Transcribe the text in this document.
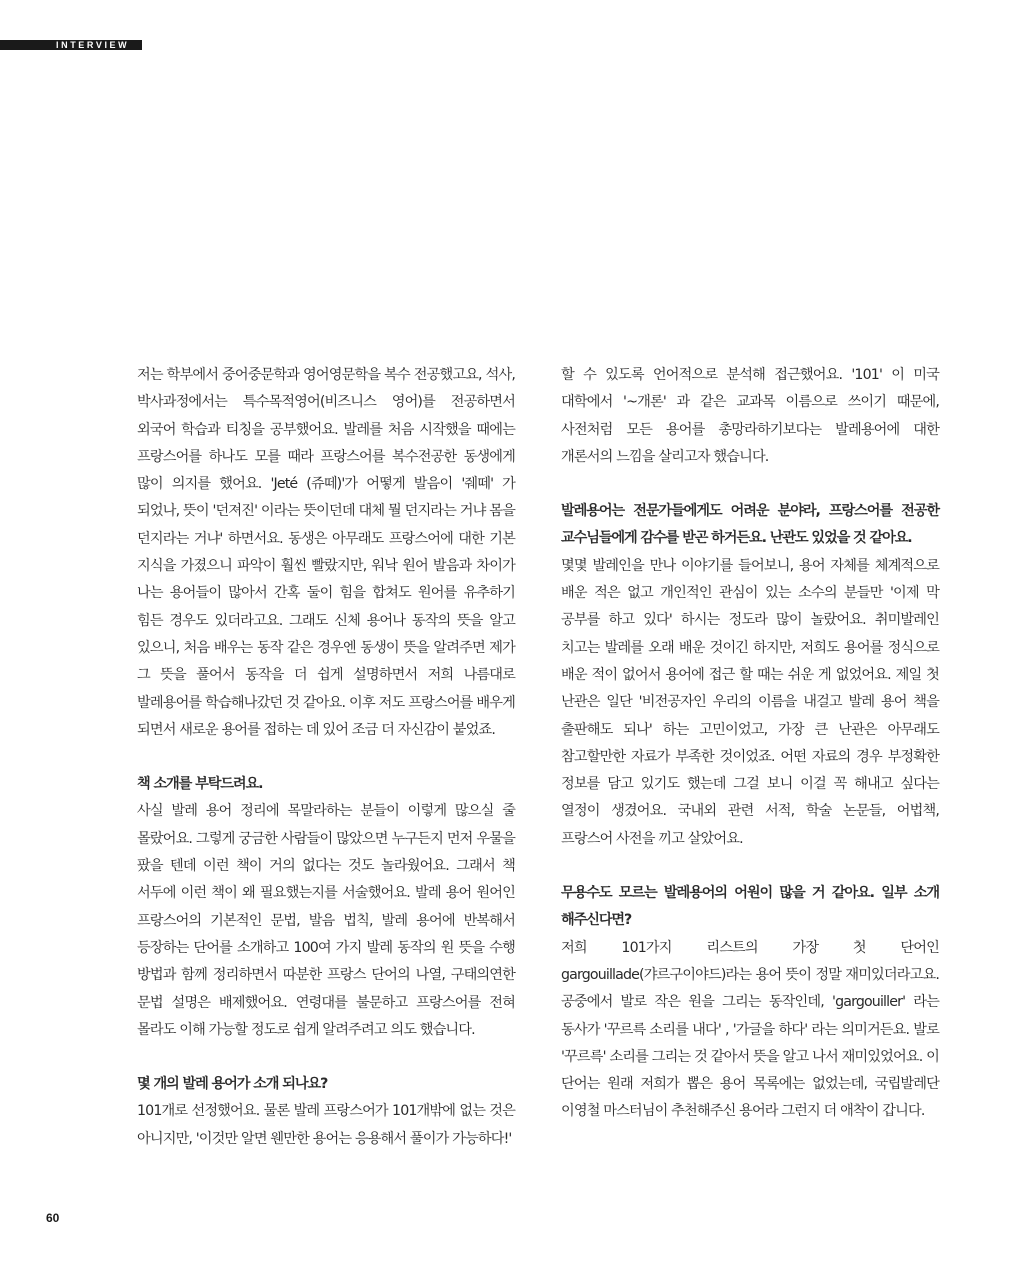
INTERVIEW

저는 학부에서 중어중문학과 영어영문학을 복수 전공했고요, 석사, 박사과정에서는 특수목적영어(비즈니스 영어)를 전공하면서 외국어 학습과 티칭을 공부했어요. 발레를 처음 시작했을 때에는 프랑스어를 하나도 모를 때라 프랑스어를 복수전공한 동생에게 많이 의지를 했어요. 'Jeté (쥬떼)'가 어떻게 발음이 '줴떼' 가 되었나, 뜻이 '던져진' 이라는 뜻이던데 대체 뭘 던지라는 거냐 몸을 던지라는 거냐' 하면서요. 동생은 아무래도 프랑스어에 대한 기본 지식을 가졌으니 파악이 훨씬 빨랐지만, 워낙 원어 발음과 차이가 나는 용어들이 많아서 간혹 둘이 힘을 합쳐도 원어를 유추하기 힘든 경우도 있더라고요. 그래도 신체 용어나 동작의 뜻을 알고 있으니, 처음 배우는 동작 같은 경우엔 동생이 뜻을 알려주면 제가 그 뜻을 풀어서 동작을 더 쉽게 설명하면서 저희 나름대로 발레용어를 학습해나갔던 것 같아요. 이후 저도 프랑스어를 배우게 되면서 새로운 용어를 접하는 데 있어 조금 더 자신감이 붙었죠.

책 소개를 부탁드려요.

사실 발레 용어 정리에 목말라하는 분들이 이렇게 많으실 줄 몰랐어요. 그렇게 궁금한 사람들이 많았으면 누구든지 먼저 우물을 팠을 텐데 이런 책이 거의 없다는 것도 놀라웠어요. 그래서 책 서두에 이런 책이 왜 필요했는지를 서술했어요. 발레 용어 원어인 프랑스어의 기본적인 문법, 발음 법칙, 발레 용어에 반복해서 등장하는 단어를 소개하고 100여 가지 발레 동작의 원 뜻을 수행 방법과 함께 정리하면서 따분한 프랑스 단어의 나열, 구태의연한 문법 설명은 배제했어요. 연령대를 불문하고 프랑스어를 전혀 몰라도 이해 가능할 정도로 쉽게 알려주려고 의도 했습니다.

몇 개의 발레 용어가 소개 되나요?

101개로 선정했어요. 물론 발레 프랑스어가 101개밖에 없는 것은 아니지만, '이것만 알면 웬만한 용어는 응용해서 풀이가 가능하다!'

할 수 있도록 언어적으로 분석해 접근했어요. '101' 이 미국 대학에서 '~개론' 과 같은 교과목 이름으로 쓰이기 때문에, 사전처럼 모든 용어를 총망라하기보다는 발레용어에 대한 개론서의 느낌을 살리고자 했습니다.

발레용어는 전문가들에게도 어려운 분야라, 프랑스어를 전공한 교수님들에게 감수를 받곤 하거든요. 난관도 있었을 것 같아요.

몇몇 발레인을 만나 이야기를 들어보니, 용어 자체를 체계적으로 배운 적은 없고 개인적인 관심이 있는 소수의 분들만 '이제 막 공부를 하고 있다' 하시는 정도라 많이 놀랐어요. 취미발레인 치고는 발레를 오래 배운 것이긴 하지만, 저희도 용어를 정식으로 배운 적이 없어서 용어에 접근 할 때는 쉬운 게 없었어요. 제일 첫 난관은 일단 '비전공자인 우리의 이름을 내걸고 발레 용어 책을 출판해도 되나' 하는 고민이었고, 가장 큰 난관은 아무래도 참고할만한 자료가 부족한 것이었죠. 어떤 자료의 경우 부정확한 정보를 담고 있기도 했는데 그걸 보니 이걸 꼭 해내고 싶다는 열정이 생겼어요. 국내외 관련 서적, 학술 논문들, 어법책, 프랑스어 사전을 끼고 살았어요.

무용수도 모르는 발레용어의 어원이 많을 거 같아요. 일부 소개 해주신다면?

저희 101가지 리스트의 가장 첫 단어인 gargouillade(갸르구이야드)라는 용어 뜻이 정말 재미있더라고요. 공중에서 발로 작은 원을 그리는 동작인데, 'gargouiller' 라는 동사가 '꾸르륵 소리를 내다' , '가글을 하다' 라는 의미거든요. 발로 '꾸르륵' 소리를 그리는 것 같아서 뜻을 알고 나서 재미있었어요. 이 단어는 원래 저희가 뽑은 용어 목록에는 없었는데, 국립발레단 이영철 마스터님이 추천해주신 용어라 그런지 더 애착이 갑니다.

60
